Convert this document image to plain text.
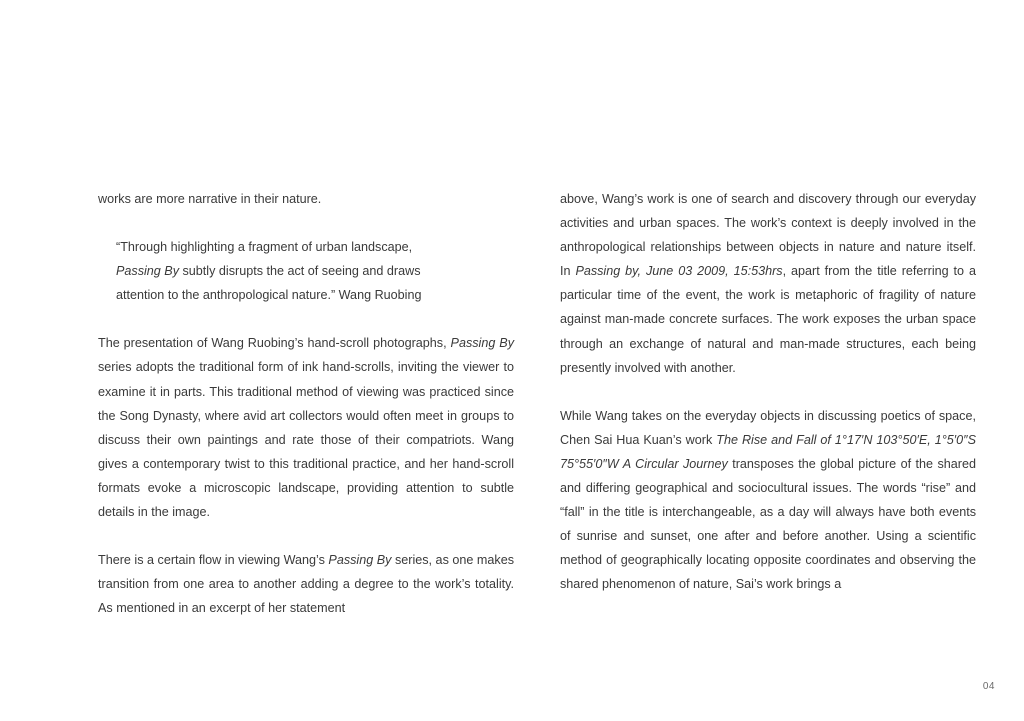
works are more narrative in their nature.

“Through highlighting a fragment of urban landscape,

Passing By subtly disrupts the act of seeing and draws

attention to the anthropological nature.” Wang Ruobing

The presentation of Wang Ruobing’s hand-scroll photographs, Passing By series adopts the traditional form of ink hand-scrolls, inviting the viewer to examine it in parts. This traditional method of viewing was practiced since the Song Dynasty, where avid art collectors would often meet in groups to discuss their own paintings and rate those of their compatriots. Wang gives a contemporary twist to this traditional practice, and her hand-scroll formats evoke a microscopic landscape, providing attention to subtle details in the image.

There is a certain flow in viewing Wang’s Passing By series, as one makes transition from one area to another adding a degree to the work’s totality. As mentioned in an excerpt of her statement

above, Wang’s work is one of search and discovery through our everyday activities and urban spaces. The work’s context is deeply involved in the anthropological relationships between objects in nature and nature itself. In Passing by, June 03 2009, 15:53hrs, apart from the title referring to a particular time of the event, the work is metaphoric of fragility of nature against man-made concrete surfaces. The work exposes the urban space through an exchange of natural and man-made structures, each being presently involved with another.

While Wang takes on the everyday objects in discussing poetics of space, Chen Sai Hua Kuan’s work The Rise and Fall of 1°17′N 103°50′E, 1°5′0″S 75°55′0″W A Circular Journey transposes the global picture of the shared and differing geographical and sociocultural issues. The words “rise” and “fall” in the title is interchangeable, as a day will always have both events of sunrise and sunset, one after and before another. Using a scientific method of geographically locating opposite coordinates and observing the shared phenomenon of nature, Sai’s work brings a

04
